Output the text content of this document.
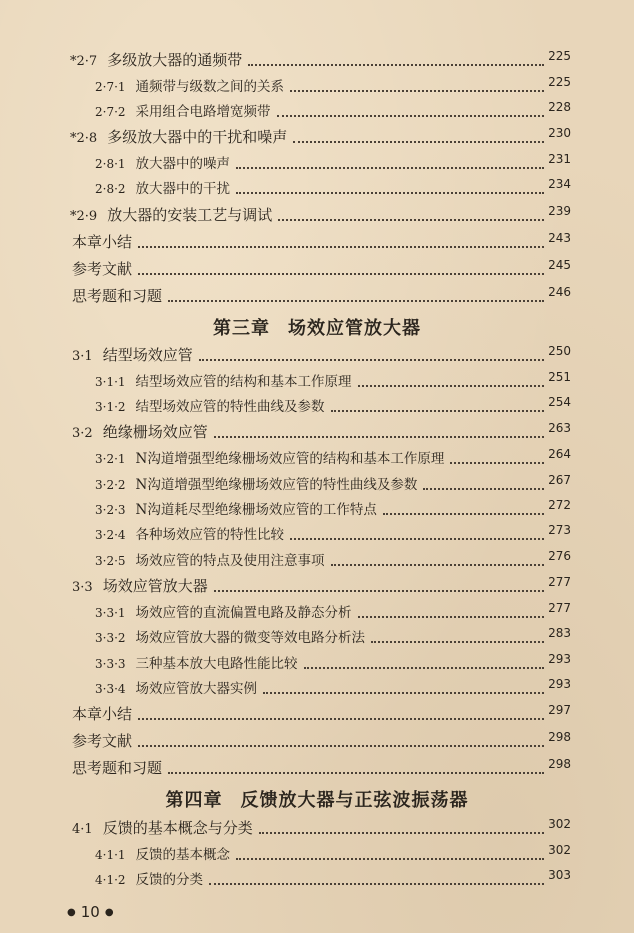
*2·7 多级放大器的通频带	225
2·7·1 通频带与级数之间的关系	225
2·7·2 采用组合电路增宽频带	228
*2·8 多级放大器中的干扰和噪声	230
2·8·1 放大器中的噪声	231
2·8·2 放大器中的干扰	234
*2·9 放大器的安装工艺与调试	239
本章小结	243
参考文献	245
思考题和习题	246
第三章 场效应管放大器
3·1 结型场效应管	250
3·1·1 结型场效应管的结构和基本工作原理	251
3·1·2 结型场效应管的特性曲线及参数	254
3·2 绝缘栅场效应管	263
3·2·1 N沟道增强型绝缘栅场效应管的结构和基本工作原理	264
3·2·2 N沟道增强型绝缘栅场效应管的特性曲线及参数	267
3·2·3 N沟道耗尽型绝缘栅场效应管的工作特点	272
3·2·4 各种场效应管的特性比较	273
3·2·5 场效应管的特点及使用注意事项	276
3·3 场效应管放大器	277
3·3·1 场效应管的直流偏置电路及静态分析	277
3·3·2 场效应管放大器的微变等效电路分析法	283
3·3·3 三种基本放大电路性能比较	293
3·3·4 场效应管放大器实例	293
本章小结	297
参考文献	298
思考题和习题	298
第四章 反馈放大器与正弦波振荡器
4·1 反馈的基本概念与分类	302
4·1·1 反馈的基本概念	302
4·1·2 反馈的分类	303
● 10 ●
